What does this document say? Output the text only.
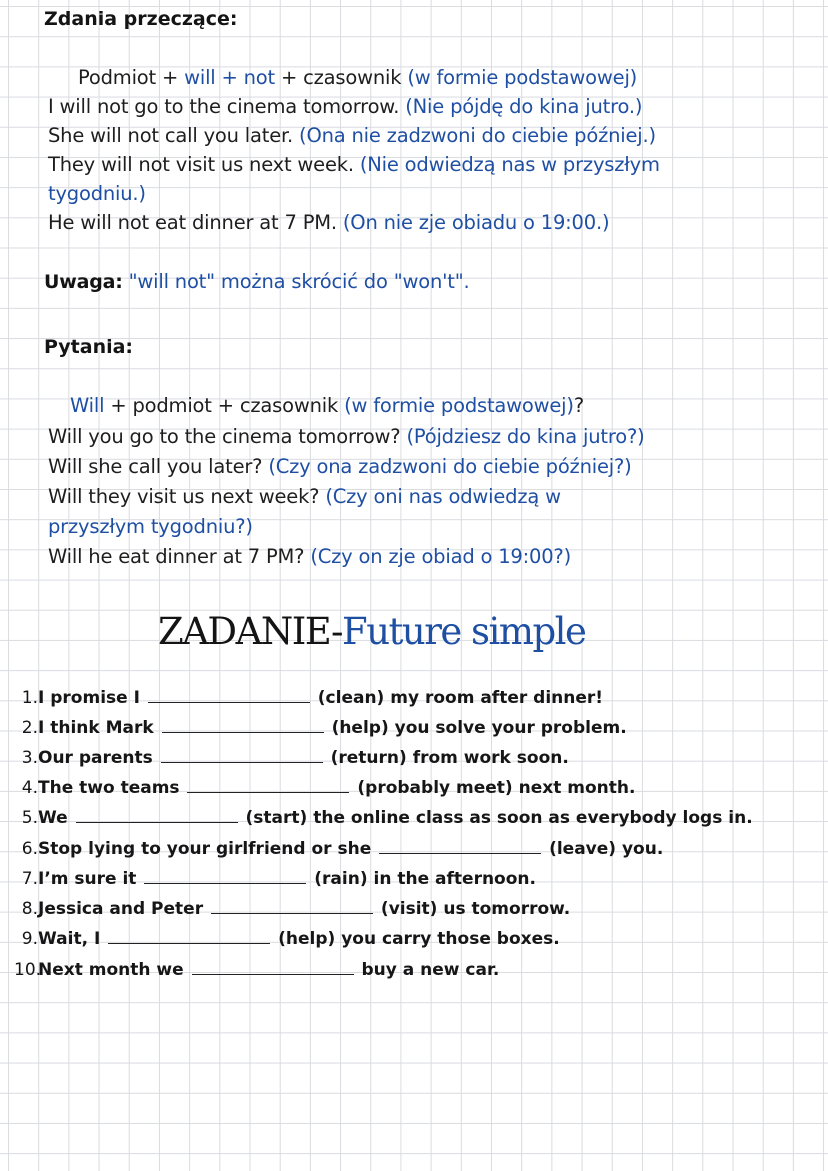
Zdania przeczące:
Podmiot + will + not + czasownik (w formie podstawowej)
I will not go to the cinema tomorrow. (Nie pójdę do kina jutro.)
She will not call you later. (Ona nie zadzwoni do ciebie później.)
They will not visit us next week. (Nie odwiedzą nas w przyszłym
tygodniu.)
He will not eat dinner at 7 PM. (On nie zje obiadu o 19:00.)
Uwaga: "will not" można skrócić do "won't".
Pytania:
Will + podmiot + czasownik (w formie podstawowej)?
Will you go to the cinema tomorrow? (Pójdziesz do kina jutro?)
Will she call you later? (Czy ona zadzwoni do ciebie później?)
Will they visit us next week? (Czy oni nas odwiedzą w
przyszłym tygodniu?)
Will he eat dinner at 7 PM? (Czy on zje obiad o 19:00?)
ZADANIE-Future simple
1.I promise I	(clean) my room after dinner!
2.I think Mark	(help) you solve your problem.
3.Our parents	(return) from work soon.
4.The two teams	(probably meet) next month.
5.We	(start) the online class as soon as everybody logs in.
6.Stop lying to your girlfriend or she	(leave) you.
7.I’m sure it	(rain) in the afternoon.
8.Jessica and Peter	(visit) us tomorrow.
9.Wait, I	(help) you carry those boxes.
10.Next month we	buy a new car.
